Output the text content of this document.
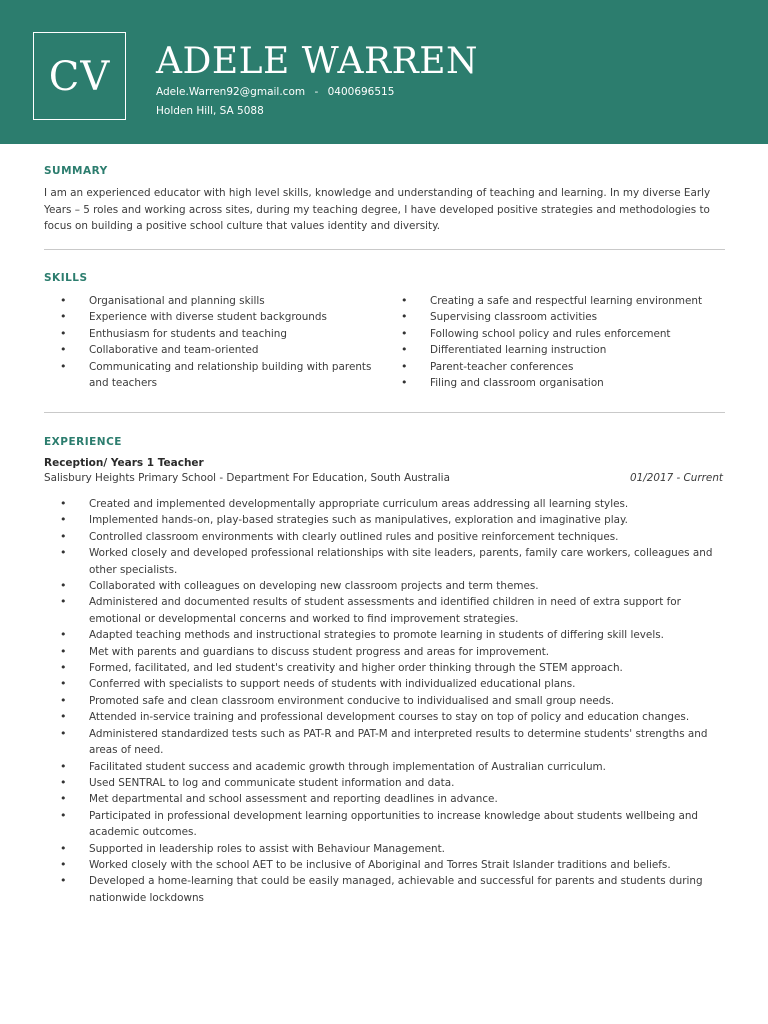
CV ADELE WARREN
Adele.Warren92@gmail.com - 0400696515
Holden Hill, SA 5088
SUMMARY
I am an experienced educator with high level skills, knowledge and understanding of teaching and learning. In my diverse Early Years – 5 roles and working across sites, during my teaching degree, I have developed positive strategies and methodologies to focus on building a positive school culture that values identity and diversity.
SKILLS
• Organisational and planning skills
• Experience with diverse student backgrounds
• Enthusiasm for students and teaching
• Collaborative and team-oriented
• Communicating and relationship building with parents and teachers
• Creating a safe and respectful learning environment
• Supervising classroom activities
• Following school policy and rules enforcement
• Differentiated learning instruction
• Parent-teacher conferences
• Filing and classroom organisation
EXPERIENCE
Reception/ Years 1 Teacher
Salisbury Heights Primary School - Department For Education, South Australia	01/2017 - Current
• Created and implemented developmentally appropriate curriculum areas addressing all learning styles.
• Implemented hands-on, play-based strategies such as manipulatives, exploration and imaginative play.
• Controlled classroom environments with clearly outlined rules and positive reinforcement techniques.
• Worked closely and developed professional relationships with site leaders, parents, family care workers, colleagues and other specialists.
• Collaborated with colleagues on developing new classroom projects and term themes.
• Administered and documented results of student assessments and identified children in need of extra support for emotional or developmental concerns and worked to find improvement strategies.
• Adapted teaching methods and instructional strategies to promote learning in students of differing skill levels.
• Met with parents and guardians to discuss student progress and areas for improvement.
• Formed, facilitated, and led student's creativity and higher order thinking through the STEM approach.
• Conferred with specialists to support needs of students with individualized educational plans.
• Promoted safe and clean classroom environment conducive to individualised and small group needs.
• Attended in-service training and professional development courses to stay on top of policy and education changes.
• Administered standardized tests such as PAT-R and PAT-M and interpreted results to determine students' strengths and areas of need.
• Facilitated student success and academic growth through implementation of Australian curriculum.
• Used SENTRAL to log and communicate student information and data.
• Met departmental and school assessment and reporting deadlines in advance.
• Participated in professional development learning opportunities to increase knowledge about students wellbeing and academic outcomes.
• Supported in leadership roles to assist with Behaviour Management.
• Worked closely with the school AET to be inclusive of Aboriginal and Torres Strait Islander traditions and beliefs.
• Developed a home-learning that could be easily managed, achievable and successful for parents and students during nationwide lockdowns
